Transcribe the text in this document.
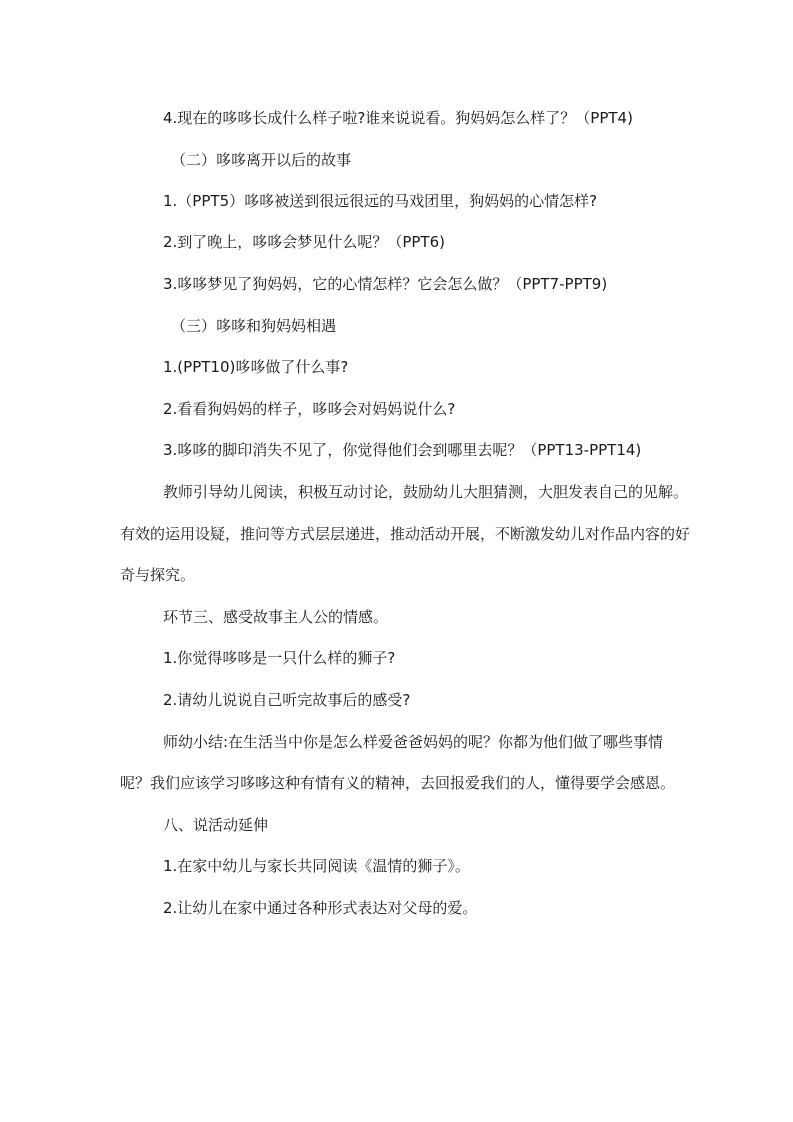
4.现在的哆哆长成什么样子啦?谁来说说看。狗妈妈怎么样了？（PPT4)
（二）哆哆离开以后的故事
1.（PPT5）哆哆被送到很远很远的马戏团里，狗妈妈的心情怎样?
2.到了晚上，哆哆会梦见什么呢？（PPT6)
3.哆哆梦见了狗妈妈，它的心情怎样？它会怎么做？（PPT7-PPT9)
（三）哆哆和狗妈妈相遇
1.(PPT10)哆哆做了什么事?
2.看看狗妈妈的样子，哆哆会对妈妈说什么?
3.哆哆的脚印消失不见了，你觉得他们会到哪里去呢？（PPT13-PPT14)
教师引导幼儿阅读，积极互动讨论，鼓励幼儿大胆猜测，大胆发表自己的见解。
有效的运用设疑，推问等方式层层递进，推动活动开展，不断激发幼儿对作品内容的好
奇与探究。
环节三、感受故事主人公的情感。
1.你觉得哆哆是一只什么样的狮子?
2.请幼儿说说自己听完故事后的感受?
师幼小结:在生活当中你是怎么样爱爸爸妈妈的呢？你都为他们做了哪些事情
呢？我们应该学习哆哆这种有情有义的精神，去回报爱我们的人，懂得要学会感恩。
八、说活动延伸
1.在家中幼儿与家长共同阅读《温情的狮子》。
2.让幼儿在家中通过各种形式表达对父母的爱。
